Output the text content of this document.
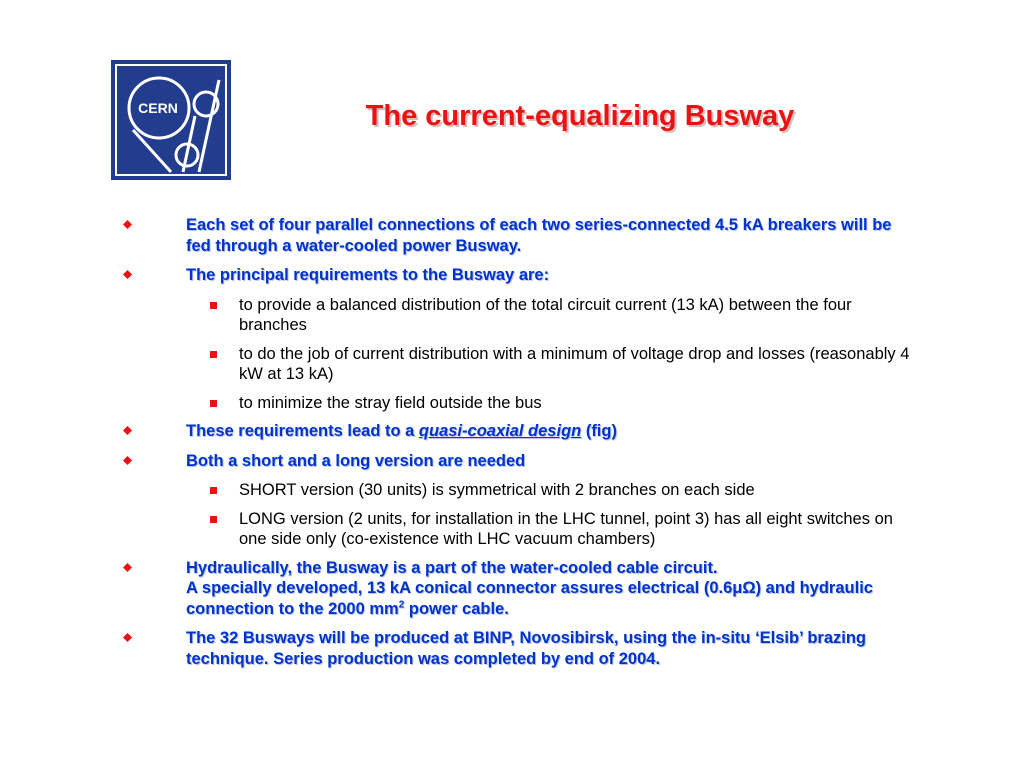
CERN	The current-equalizing Busway
Each set of four parallel connections of each two series-connected 4.5 kA breakers will be fed through a water-cooled power Busway.
The principal requirements to the Busway are:
to provide a balanced distribution of the total circuit current (13 kA) between the four branches
to do the job of current distribution with a minimum of voltage drop and losses (reasonably 4 kW at 13 kA)
to minimize the stray field outside the bus
These requirements lead to a quasi-coaxial design (fig)
Both a short and a long version are needed
SHORT version (30 units) is symmetrical with 2 branches on each side
LONG version (2 units, for installation in the LHC tunnel, point 3) has all eight switches on one side only (co-existence with LHC vacuum chambers)
Hydraulically, the Busway is a part of the water-cooled cable circuit.
A specially developed, 13 kA conical connector assures electrical (0.6μΩ) and hydraulic connection to the 2000 $mm^2$ power cable.
The 32 Busways will be produced at BINP, Novosibirsk, using the in-situ ‘Elsib’ brazing technique. Series production was completed by end of 2004.
